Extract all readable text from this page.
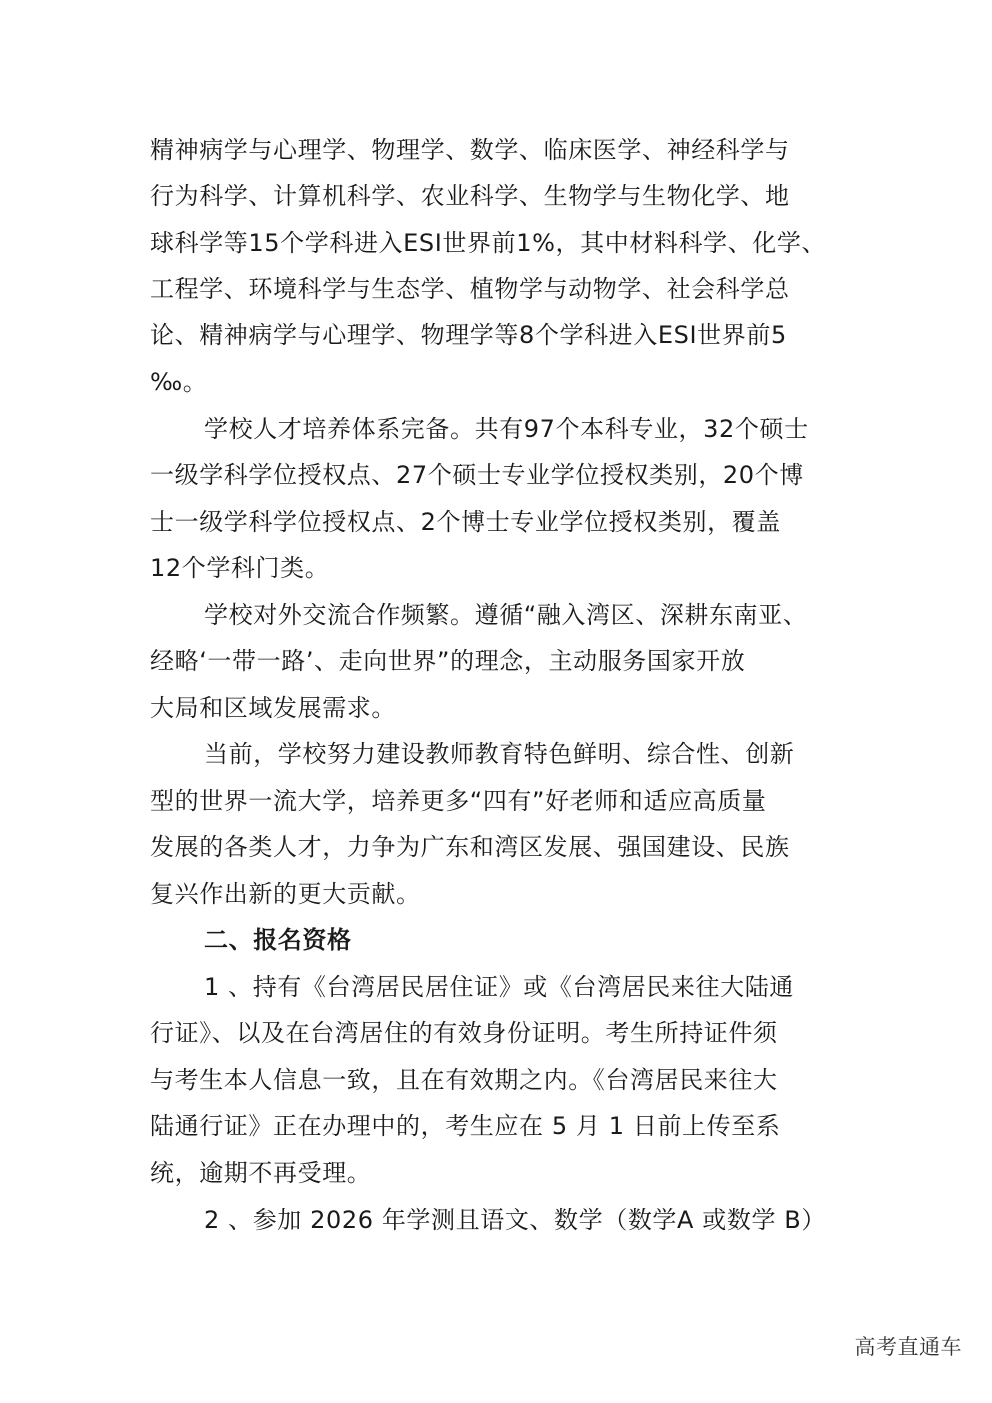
精神病学与心理学、物理学、数学、临床医学、神经科学与

行为科学、计算机科学、农业科学、生物学与生物化学、地

球科学等15个学科进入ESI世界前1%，其中材料科学、化学、

工程学、环境科学与生态学、植物学与动物学、社会科学总

论、精神病学与心理学、物理学等8个学科进入ESI世界前5

‰。

学校人才培养体系完备。共有97个本科专业，32个硕士

一级学科学位授权点、27个硕士专业学位授权类别，20个博

士一级学科学位授权点、2个博士专业学位授权类别，覆盖

12个学科门类。

学校对外交流合作频繁。遵循“融入湾区、深耕东南亚、

经略‘一带一路’、走向世界”的理念，主动服务国家开放

大局和区域发展需求。

当前，学校努力建设教师教育特色鲜明、综合性、创新

型的世界一流大学，培养更多“四有”好老师和适应高质量

发展的各类人才，力争为广东和湾区发展、强国建设、民族

复兴作出新的更大贡献。

二、报名资格

1 、持有《台湾居民居住证》或《台湾居民来往大陆通

行证》、以及在台湾居住的有效身份证明。考生所持证件须

与考生本人信息一致，且在有效期之内。《台湾居民来往大

陆通行证》正在办理中的，考生应在 5 月 1 日前上传至系

统，逾期不再受理。

2 、参加 2026 年学测且语文、数学（数学A 或数学 B）

高考直通车
